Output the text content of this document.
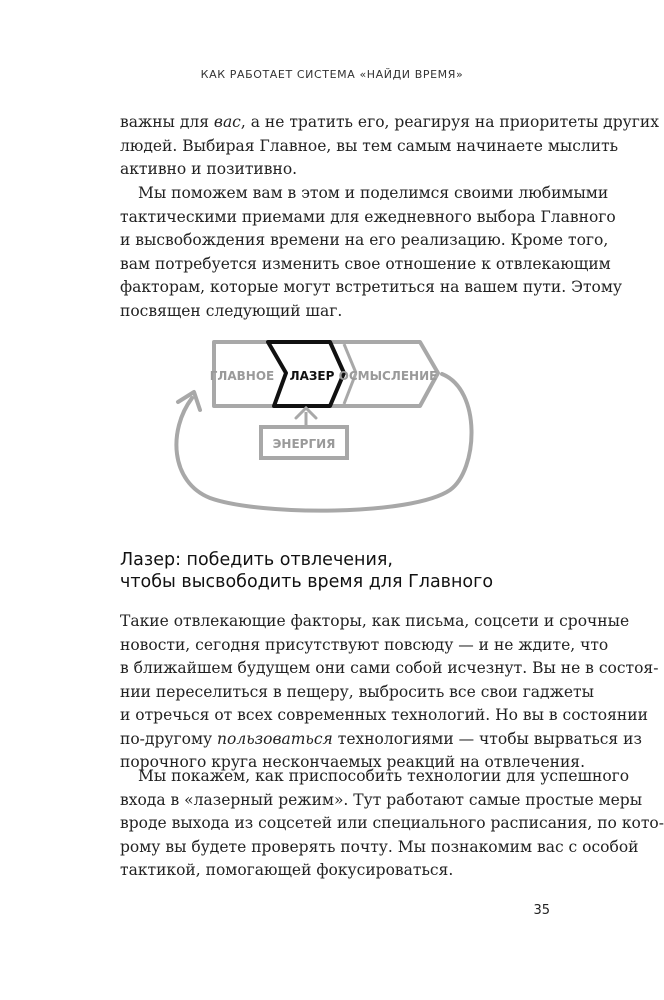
КАК РАБОТАЕТ СИСТЕМА «НАЙДИ ВРЕМЯ»

важны для вас, а не тратить его, реагируя на приоритеты других
людей. Выбирая Главное, вы тем самым начинаете мыслить
активно и позитивно.

Мы поможем вам в этом и поделимся своими любимыми
тактическими приемами для ежедневного выбора Главного
и высвобождения времени на его реализацию. Кроме того,
вам потребуется изменить свое отношение к отвлекающим
факторам, которые могут встретиться на вашем пути. Этому
посвящен следующий шаг.

ГЛАВНОЕ ЛАЗЕР ОСМЫСЛЕНИЕ
ЭНЕРГИЯ
Лазер: победить отвлечения,
чтобы высвободить время для Главного

Такие отвлекающие факторы, как письма, соцсети и срочные
новости, сегодня присутствуют повсюду — и не ждите, что
в ближайшем будущем они сами собой исчезнут. Вы не в состоя-
нии переселиться в пещеру, выбросить все свои гаджеты
и отречься от всех современных технологий. Но вы в состоянии
по-другому пользоваться технологиями — чтобы вырваться из
порочного круга нескончаемых реакций на отвлечения.

Мы покажем, как приспособить технологии для успешного
входа в «лазерный режим». Тут работают самые простые меры
вроде выхода из соцсетей или специального расписания, по кото-
рому вы будете проверять почту. Мы познакомим вас с особой
тактикой, помогающей фокусироваться.

35
